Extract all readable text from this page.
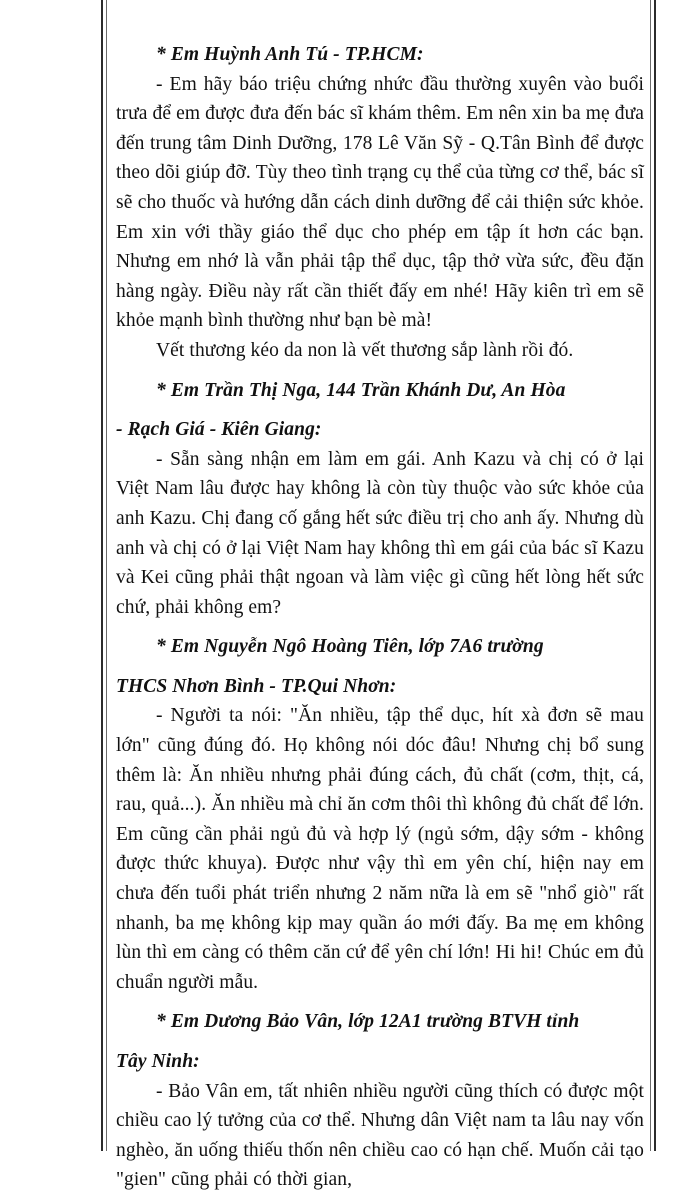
* Em Huỳnh Anh Tú - TP.HCM:

- Em hãy báo triệu chứng nhức đầu thường xuyên vào buổi trưa để em được đưa đến bác sĩ khám thêm. Em nên xin ba mẹ đưa đến trung tâm Dinh Dưỡng, 178 Lê Văn Sỹ - Q.Tân Bình để được theo dõi giúp đỡ. Tùy theo tình trạng cụ thể của từng cơ thể, bác sĩ sẽ cho thuốc và hướng dẫn cách dinh dưỡng để cải thiện sức khỏe. Em xin với thầy giáo thể dục cho phép em tập ít hơn các bạn. Nhưng em nhớ là vẫn phải tập thể dục, tập thở vừa sức, đều đặn hàng ngày. Điều này rất cần thiết đấy em nhé! Hãy kiên trì em sẽ khỏe mạnh bình thường như bạn bè mà!

Vết thương kéo da non là vết thương sắp lành rồi đó.

* Em Trần Thị Nga, 144 Trần Khánh Dư, An Hòa

- Rạch Giá - Kiên Giang:

- Sẵn sàng nhận em làm em gái. Anh Kazu và chị có ở lại Việt Nam lâu được hay không là còn tùy thuộc vào sức khỏe của anh Kazu. Chị đang cố gắng hết sức điều trị cho anh ấy. Nhưng dù anh và chị có ở lại Việt Nam hay không thì em gái của bác sĩ Kazu và Kei cũng phải thật ngoan và làm việc gì cũng hết lòng hết sức chứ, phải không em?

* Em Nguyễn Ngô Hoàng Tiên, lớp 7A6 trường

THCS Nhơn Bình - TP.Qui Nhơn:

- Người ta nói: "Ăn nhiều, tập thể dục, hít xà đơn sẽ mau lớn" cũng đúng đó. Họ không nói dóc đâu! Nhưng chị bổ sung thêm là: Ăn nhiều nhưng phải đúng cách, đủ chất (cơm, thịt, cá, rau, quả...). Ăn nhiều mà chỉ ăn cơm thôi thì không đủ chất để lớn. Em cũng cần phải ngủ đủ và hợp lý (ngủ sớm, dậy sớm - không được thức khuya). Được như vậy thì em yên chí, hiện nay em chưa đến tuổi phát triển nhưng 2 năm nữa là em sẽ "nhổ giò" rất nhanh, ba mẹ không kịp may quần áo mới đấy. Ba mẹ em không lùn thì em càng có thêm căn cứ để yên chí lớn! Hi hi! Chúc em đủ chuẩn người mẫu.

* Em Dương Bảo Vân, lớp 12A1 trường BTVH tỉnh

Tây Ninh:

- Bảo Vân em, tất nhiên nhiều người cũng thích có được một chiều cao lý tưởng của cơ thể. Nhưng dân Việt nam ta lâu nay vốn nghèo, ăn uống thiếu thốn nên chiều cao có hạn chế. Muốn cải tạo "gien" cũng phải có thời gian,
